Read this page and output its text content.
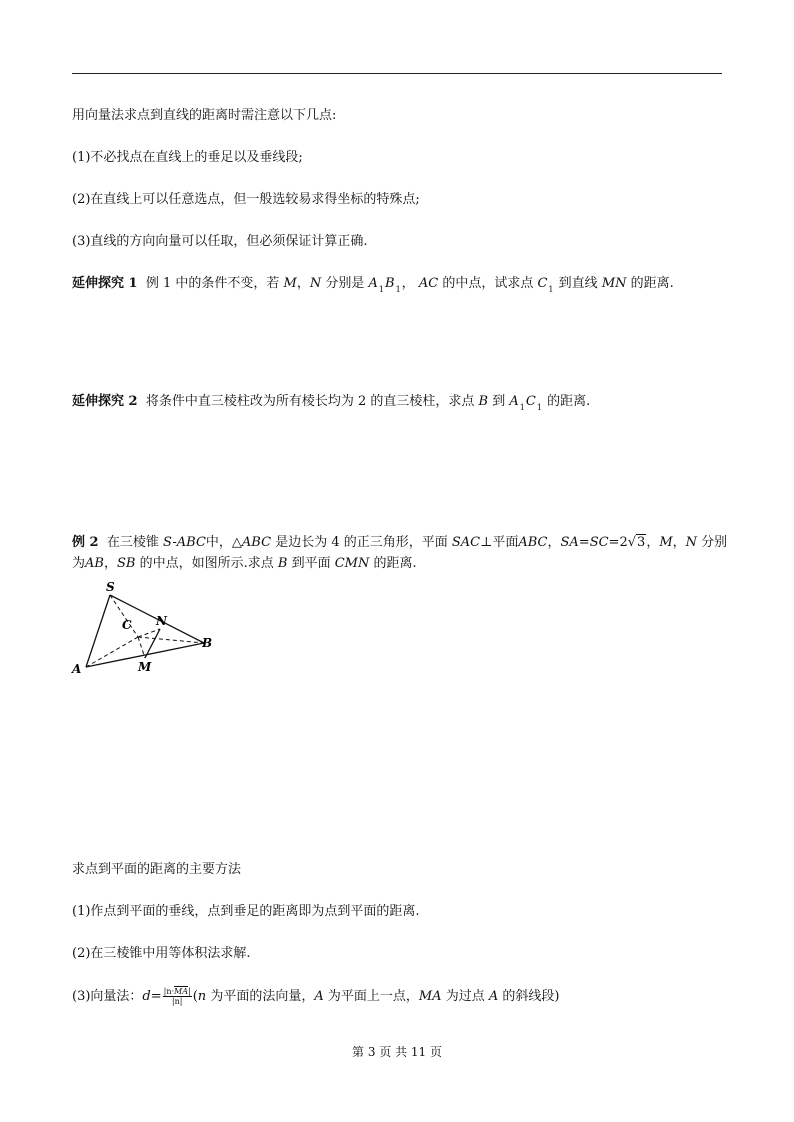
用向量法求点到直线的距离时需注意以下几点:
(1)不必找点在直线上的垂足以及垂线段;
(2)在直线上可以任意选点，但一般选较易求得坐标的特殊点;
(3)直线的方向向量可以任取，但必须保证计算正确.
延伸探究 1 例 1 中的条件不变，若 M，N 分别是 $A_1B_1$， AC 的中点，试求点 $C_1$ 到直线 MN 的距离.
延伸探究 2 将条件中直三棱柱改为所有棱长均为 2 的直三棱柱，求点 B 到 $A_1C_1$ 的距离.
例 2 在三棱锥 S-ABC中，△ABC 是边长为 4 的正三角形，平面 SAC⊥平面ABC，SA=SC=2√3，M，N 分别
为AB，SB 的中点，如图所示.求点 B 到平面 CMN 的距离.
S
N
C
B
A	M
求点到平面的距离的主要方法
(1)作点到平面的垂线，点到垂足的距离即为点到平面的距离.
(2)在三棱锥中用等体积法求解.
(3)向量法：$d= \frac{|n\cdot MA|}{|n|} (n$ 为平面的法向量，A 为平面上一点，MA 为过点 A 的斜线段)
第 3 页 共 11 页
